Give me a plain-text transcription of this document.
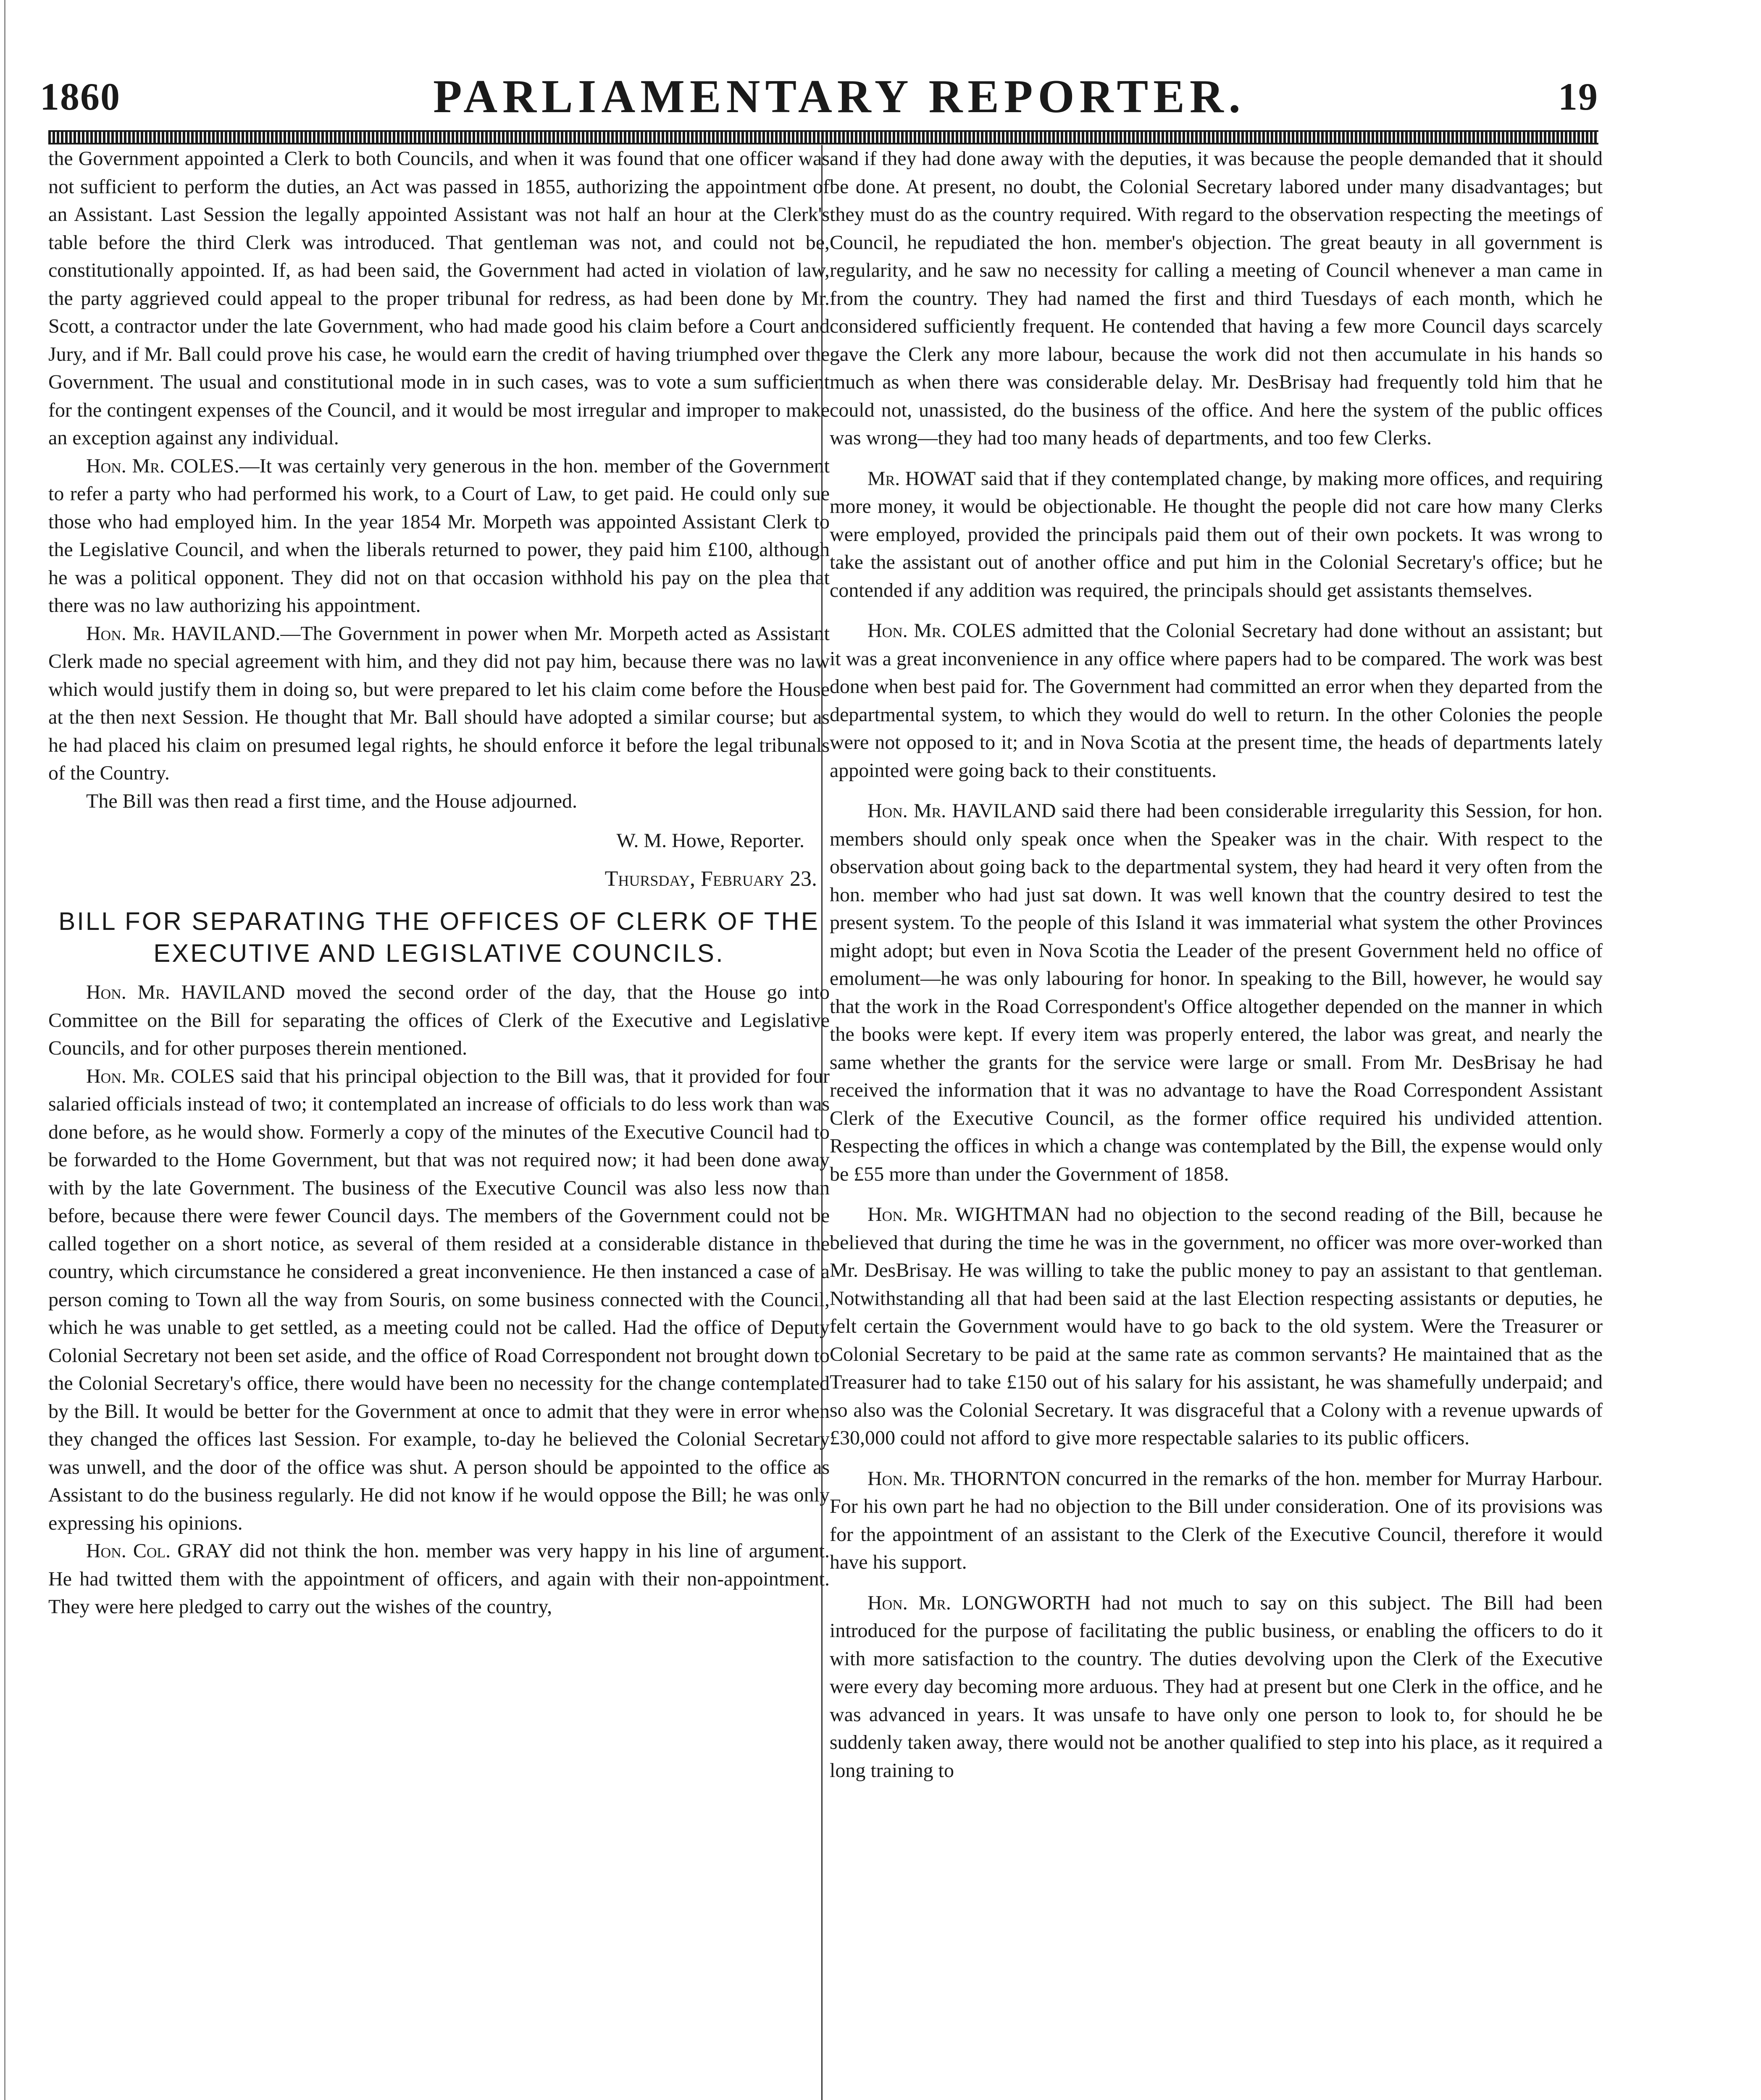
1860	PARLIAMENTARY REPORTER.	19

the Government appointed a Clerk to both Councils, and when it was found that one officer was not sufficient to perform the duties, an Act was passed in 1855, authorizing the appointment of an Assistant. Last Session the legally appointed Assistant was not half an hour at the Clerk's table before the third Clerk was introduced. That gentleman was not, and could not be, constitutionally appointed. If, as had been said, the Government had acted in violation of law, the party aggrieved could appeal to the proper tribunal for redress, as had been done by Mr. Scott, a contractor under the late Government, who had made good his claim before a Court and Jury, and if Mr. Ball could prove his case, he would earn the credit of having triumphed over the Government. The usual and constitutional mode in in such cases, was to vote a sum sufficient for the contingent expenses of the Council, and it would be most irregular and improper to make an exception against any individual.

Hon. Mr. COLES.—It was certainly very generous in the hon. member of the Government to refer a party who had performed his work, to a Court of Law, to get paid. He could only sue those who had employed him. In the year 1854 Mr. Morpeth was appointed Assistant Clerk to the Legislative Council, and when the liberals returned to power, they paid him £100, although he was a political opponent. They did not on that occasion withhold his pay on the plea that there was no law authorizing his appointment.

Hon. Mr. HAVILAND.—The Government in power when Mr. Morpeth acted as Assistant Clerk made no special agreement with him, and they did not pay him, because there was no law which would justify them in doing so, but were prepared to let his claim come before the House at the then next Session. He thought that Mr. Ball should have adopted a similar course; but as he had placed his claim on presumed legal rights, he should enforce it before the legal tribunals of the Country.

The Bill was then read a first time, and the House adjourned.

W. M. Howe, Reporter.
Thursday, February 23.
BILL FOR SEPARATING THE OFFICES OF CLERK OF THE EXECUTIVE AND LEGISLATIVE COUNCILS.

Hon. Mr. HAVILAND moved the second order of the day, that the House go into Committee on the Bill for separating the offices of Clerk of the Executive and Legislative Councils, and for other purposes therein mentioned.

Hon. Mr. COLES said that his principal objection to the Bill was, that it provided for four salaried officials instead of two; it contemplated an increase of officials to do less work than was done before, as he would show. Formerly a copy of the minutes of the Executive Council had to be forwarded to the Home Government, but that was not required now; it had been done away with by the late Government. The business of the Executive Council was also less now than before, because there were fewer Council days. The members of the Government could not be called together on a short notice, as several of them resided at a considerable distance in the country, which circumstance he considered a great inconvenience. He then instanced a case of a person coming to Town all the way from Souris, on some business connected with the Council, which he was unable to get settled, as a meeting could not be called. Had the office of Deputy Colonial Secretary not been set aside, and the office of Road Correspondent not brought down to the Colonial Secretary's office, there would have been no necessity for the change contemplated by the Bill. It would be better for the Government at once to admit that they were in error when they changed the offices last Session. For example, to-day he believed the Colonial Secretary was unwell, and the door of the office was shut. A person should be appointed to the office as Assistant to do the business regularly. He did not know if he would oppose the Bill; he was only expressing his opinions.

Hon. Col. GRAY did not think the hon. member was very happy in his line of argument. He had twitted them with the appointment of officers, and again with their non-appointment. They were here pledged to carry out the wishes of the country,

and if they had done away with the deputies, it was because the people demanded that it should be done. At present, no doubt, the Colonial Secretary labored under many disadvantages; but they must do as the country required. With regard to the observation respecting the meetings of Council, he repudiated the hon. member's objection. The great beauty in all government is regularity, and he saw no necessity for calling a meeting of Council whenever a man came in from the country. They had named the first and third Tuesdays of each month, which he considered sufficiently frequent. He contended that having a few more Council days scarcely gave the Clerk any more labour, because the work did not then accumulate in his hands so much as when there was considerable delay. Mr. DesBrisay had frequently told him that he could not, unassisted, do the business of the office. And here the system of the public offices was wrong—they had too many heads of departments, and too few Clerks.

Mr. HOWAT said that if they contemplated change, by making more offices, and requiring more money, it would be objectionable. He thought the people did not care how many Clerks were employed, provided the principals paid them out of their own pockets. It was wrong to take the assistant out of another office and put him in the Colonial Secretary's office; but he contended if any addition was required, the principals should get assistants themselves.

Hon. Mr. COLES admitted that the Colonial Secretary had done without an assistant; but it was a great inconvenience in any office where papers had to be compared. The work was best done when best paid for. The Government had committed an error when they departed from the departmental system, to which they would do well to return. In the other Colonies the people were not opposed to it; and in Nova Scotia at the present time, the heads of departments lately appointed were going back to their constituents.

Hon. Mr. HAVILAND said there had been considerable irregularity this Session, for hon. members should only speak once when the Speaker was in the chair. With respect to the observation about going back to the departmental system, they had heard it very often from the hon. member who had just sat down. It was well known that the country desired to test the present system. To the people of this Island it was immaterial what system the other Provinces might adopt; but even in Nova Scotia the Leader of the present Government held no office of emolument—he was only labouring for honor. In speaking to the Bill, however, he would say that the work in the Road Correspondent's Office altogether depended on the manner in which the books were kept. If every item was properly entered, the labor was great, and nearly the same whether the grants for the service were large or small. From Mr. DesBrisay he had received the information that it was no advantage to have the Road Correspondent Assistant Clerk of the Executive Council, as the former office required his undivided attention. Respecting the offices in which a change was contemplated by the Bill, the expense would only be £55 more than under the Government of 1858.

Hon. Mr. WIGHTMAN had no objection to the second reading of the Bill, because he believed that during the time he was in the government, no officer was more over-worked than Mr. DesBrisay. He was willing to take the public money to pay an assistant to that gentleman. Notwithstanding all that had been said at the last Election respecting assistants or deputies, he felt certain the Government would have to go back to the old system. Were the Treasurer or Colonial Secretary to be paid at the same rate as common servants? He maintained that as the Treasurer had to take £150 out of his salary for his assistant, he was shamefully underpaid; and so also was the Colonial Secretary. It was disgraceful that a Colony with a revenue upwards of £30,000 could not afford to give more respectable salaries to its public officers.

Hon. Mr. THORNTON concurred in the remarks of the hon. member for Murray Harbour. For his own part he had no objection to the Bill under consideration. One of its provisions was for the appointment of an assistant to the Clerk of the Executive Council, therefore it would have his support.

Hon. Mr. LONGWORTH had not much to say on this subject. The Bill had been introduced for the purpose of facilitating the public business, or enabling the officers to do it with more satisfaction to the country. The duties devolving upon the Clerk of the Executive were every day becoming more arduous. They had at present but one Clerk in the office, and he was advanced in years. It was unsafe to have only one person to look to, for should he be suddenly taken away, there would not be another qualified to step into his place, as it required a long training to
